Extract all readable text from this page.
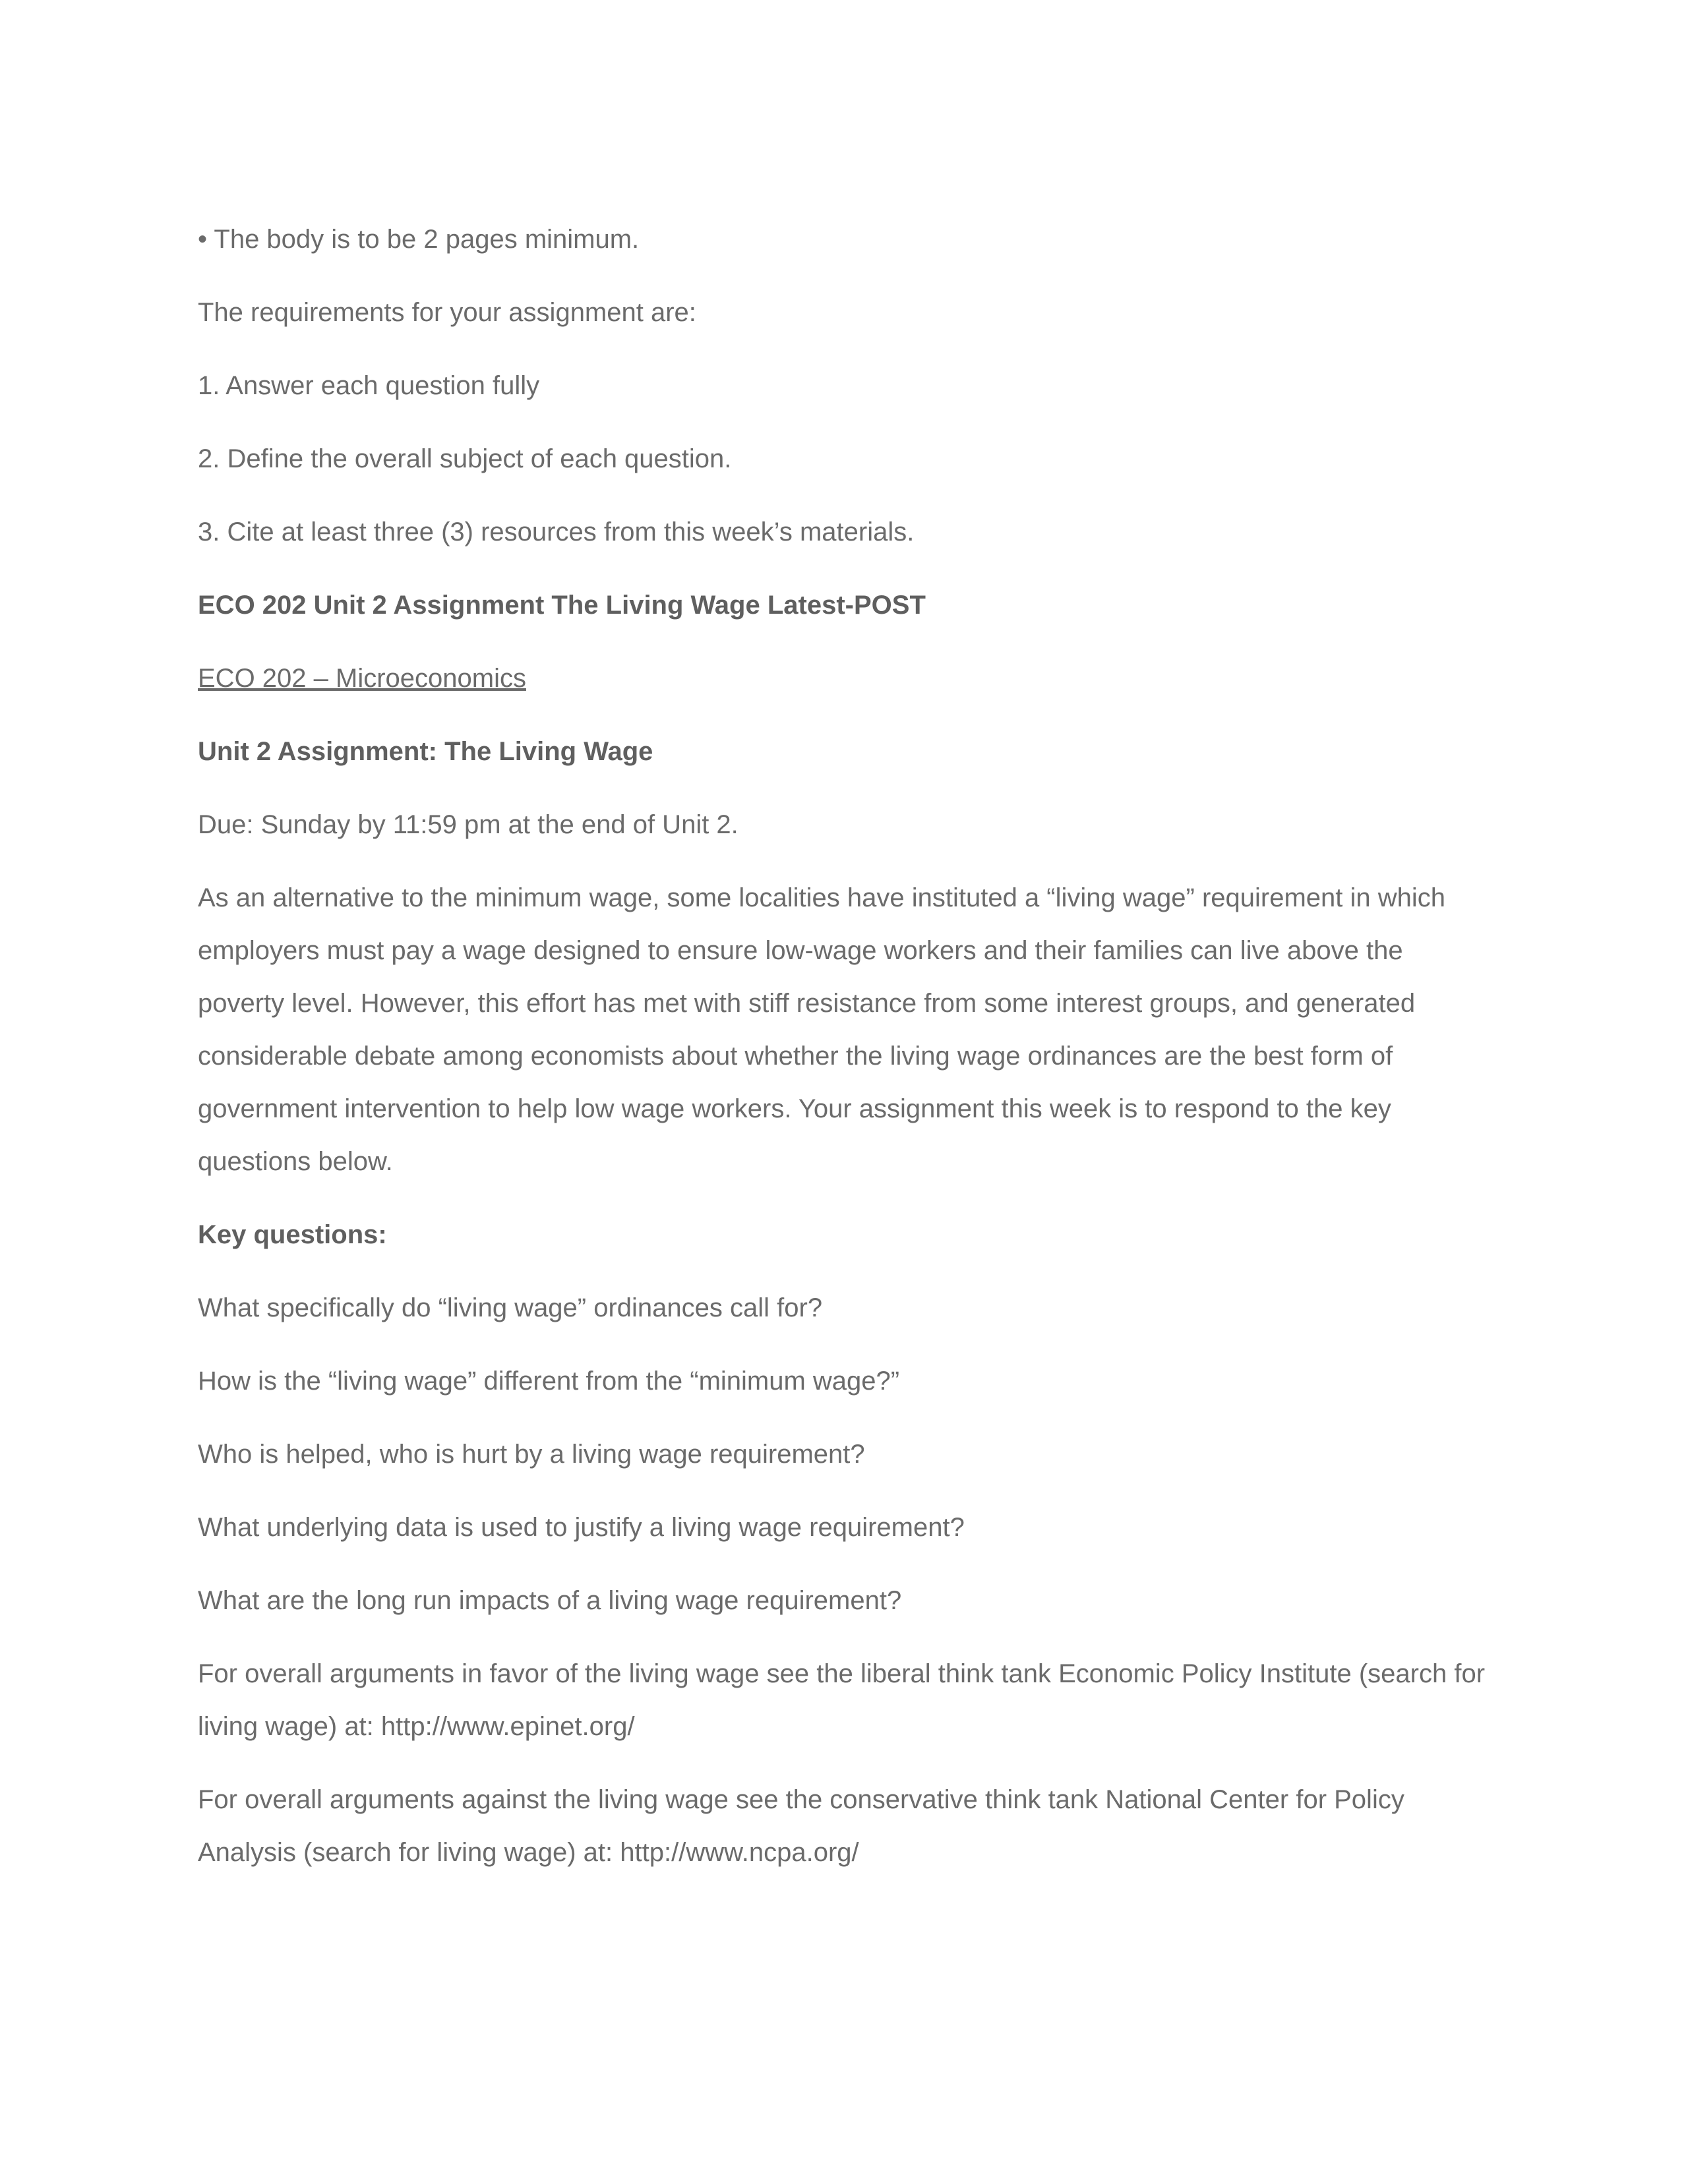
• The body is to be 2 pages minimum.

The requirements for your assignment are:

1. Answer each question fully

2. Define the overall subject of each question.

3. Cite at least three (3) resources from this week’s materials.

ECO 202 Unit 2 Assignment The Living Wage Latest-POST

ECO 202 – Microeconomics

Unit 2 Assignment: The Living Wage

Due: Sunday by 11:59 pm at the end of Unit 2.

As an alternative to the minimum wage, some localities have instituted a “living wage” requirement in which employers must pay a wage designed to ensure low-wage workers and their families can live above the poverty level. However, this effort has met with stiff resistance from some interest groups, and generated considerable debate among economists about whether the living wage ordinances are the best form of government intervention to help low wage workers. Your assignment this week is to respond to the key questions below.

Key questions:

What specifically do “living wage” ordinances call for?

How is the “living wage” different from the “minimum wage?”

Who is helped, who is hurt by a living wage requirement?

What underlying data is used to justify a living wage requirement?

What are the long run impacts of a living wage requirement?

For overall arguments in favor of the living wage see the liberal think tank Economic Policy Institute (search for living wage) at: http://www.epinet.org/

For overall arguments against the living wage see the conservative think tank National Center for Policy Analysis (search for living wage) at: http://www.ncpa.org/
